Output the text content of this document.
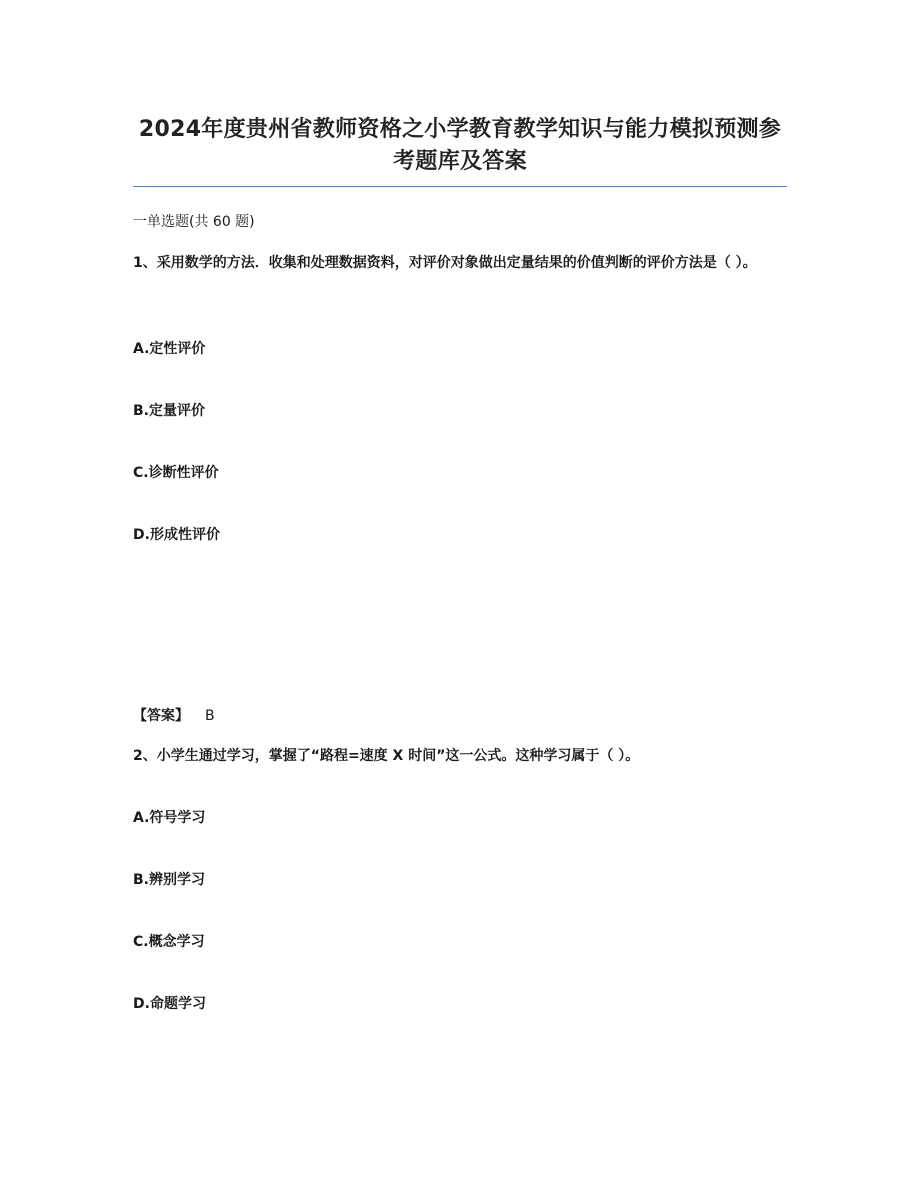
2024年度贵州省教师资格之小学教育教学知识与能力模拟预测参考题库及答案
一单选题(共 60 题)
1、采用数学的方法．收集和处理数据资料，对评价对象做出定量结果的价值判断的评价方法是（ ）。
A.定性评价
B.定量评价
C.诊断性评价
D.形成性评价
【答案】 B
2、小学生通过学习，掌握了“路程=速度 X 时间”这一公式。这种学习属于（ ）。
A.符号学习
B.辨别学习
C.概念学习
D.命题学习
